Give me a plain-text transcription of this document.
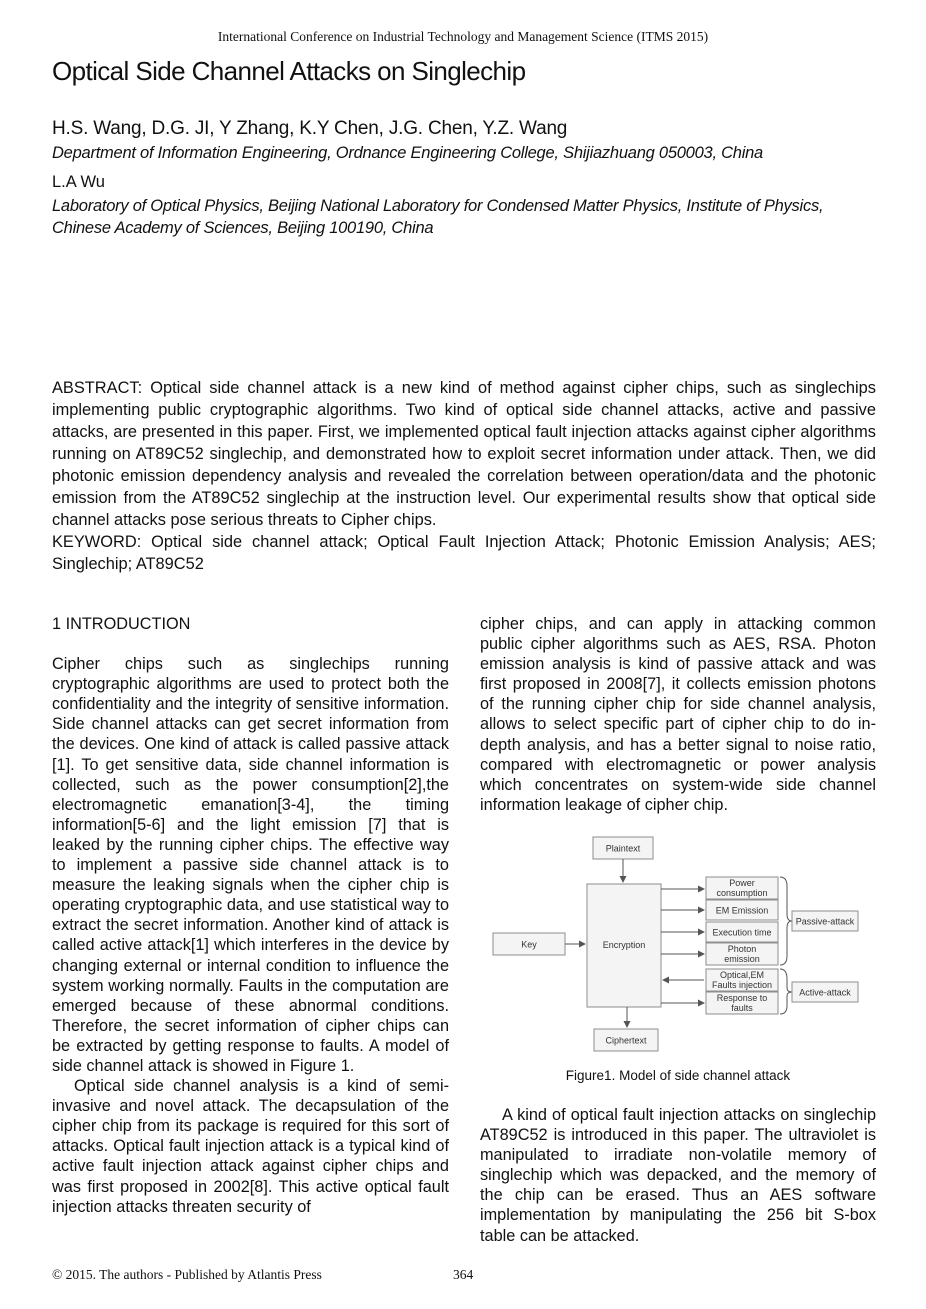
International Conference on Industrial Technology and Management Science (ITMS 2015)
Optical Side Channel Attacks on Singlechip
H.S. Wang, D.G. JI, Y Zhang, K.Y Chen, J.G. Chen, Y.Z. Wang
Department of Information Engineering, Ordnance Engineering College, Shijiazhuang 050003, China
L.A Wu
Laboratory of Optical Physics, Beijing National Laboratory for Condensed Matter Physics, Institute of Physics, Chinese Academy of Sciences, Beijing 100190, China

ABSTRACT: Optical side channel attack is a new kind of method against cipher chips, such as singlechips implementing public cryptographic algorithms. Two kind of optical side channel attacks, active and passive attacks, are presented in this paper. First, we implemented optical fault injection attacks against cipher algorithms running on AT89C52 singlechip, and demonstrated how to exploit secret information under attack. Then, we did photonic emission dependency analysis and revealed the correlation between operation/data and the photonic emission from the AT89C52 singlechip at the instruction level. Our experimental results show that optical side channel attacks pose serious threats to Cipher chips.

KEYWORD: Optical side channel attack; Optical Fault Injection Attack; Photonic Emission Analysis; AES; Singlechip; AT89C52

1 INTRODUCTION

Cipher chips such as singlechips running cryptographic algorithms are used to protect both the confidentiality and the integrity of sensitive information. Side channel attacks can get secret information from the devices. One kind of attack is called passive attack [1]. To get sensitive data, side channel information is collected, such as the power consumption[2],the electromagnetic emanation[3-4], the timing information[5-6] and the light emission [7] that is leaked by the running cipher chips. The effective way to implement a passive side channel attack is to measure the leaking signals when the cipher chip is operating cryptographic data, and use statistical way to extract the secret information. Another kind of attack is called active attack[1] which interferes in the device by changing external or internal condition to influence the system working normally. Faults in the computation are emerged because of these abnormal conditions. Therefore, the secret information of cipher chips can be extracted by getting response to faults. A model of side channel attack is showed in Figure 1.

Optical side channel analysis is a kind of semi-invasive and novel attack. The decapsulation of the cipher chip from its package is required for this sort of attacks. Optical fault injection attack is a typical kind of active fault injection attack against cipher chips and was first proposed in 2002[8]. This active optical fault injection attacks threaten security of

cipher chips, and can apply in attacking common public cipher algorithms such as AES, RSA. Photon emission analysis is kind of passive attack and was first proposed in 2008[7], it collects emission photons of the running cipher chip for side channel analysis, allows to select specific part of cipher chip to do in-depth analysis, and has a better signal to noise ratio, compared with electromagnetic or power analysis which concentrates on system-wide side channel information leakage of cipher chip.

Plaintext
Encryption
Key
Ciphertext
Power
consumption
EM Emission
Execution time
Photon
emission
Optical,EM
Faults injection
Response to
faults
Passive-attack
Active-attack
Figure1. Model of side channel attack

A kind of optical fault injection attacks on singlechip AT89C52 is introduced in this paper. The ultraviolet is manipulated to irradiate non-volatile memory of singlechip which was depacked, and the memory of the chip can be erased. Thus an AES software implementation by manipulating the 256 bit S-box table can be attacked.

© 2015. The authors - Published by Atlantis Press	364
